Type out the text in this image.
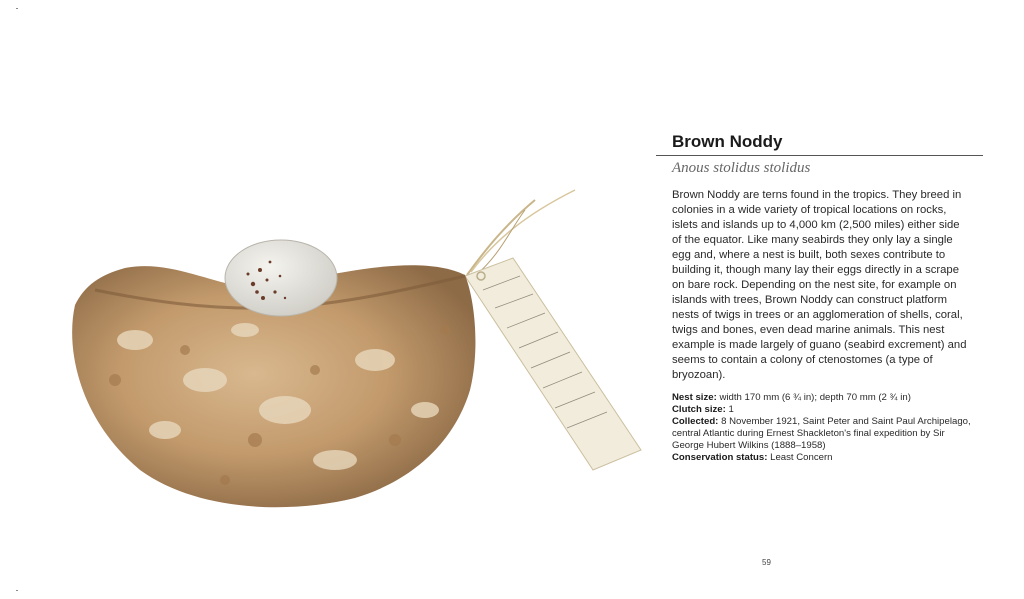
Brown Noddy
Anous stolidus stolidus

Brown Noddy are terns found in the tropics. They breed in colonies in a wide variety of tropical locations on rocks, islets and islands up to 4,000 km (2,500 miles) either side of the equator. Like many seabirds they only lay a single egg and, where a nest is built, both sexes contribute to building it, though many lay their eggs directly in a scrape on bare rock. Depending on the nest site, for example on islands with trees, Brown Noddy can construct platform nests of twigs in trees or an agglomeration of shells, coral, twigs and bones, even dead marine animals. This nest example is made largely of guano (seabird excrement) and seems to contain a colony of ctenostomes (a type of bryozoan).

Nest size: width 170 mm (6 ¾ in); depth 70 mm (2 ¾ in)
Clutch size: 1
Collected: 8 November 1921, Saint Peter and Saint Paul Archipelago, central Atlantic during Ernest Shackleton's final expedition by Sir George Hubert Wilkins (1888–1958)
Conservation status: Least Concern
59
